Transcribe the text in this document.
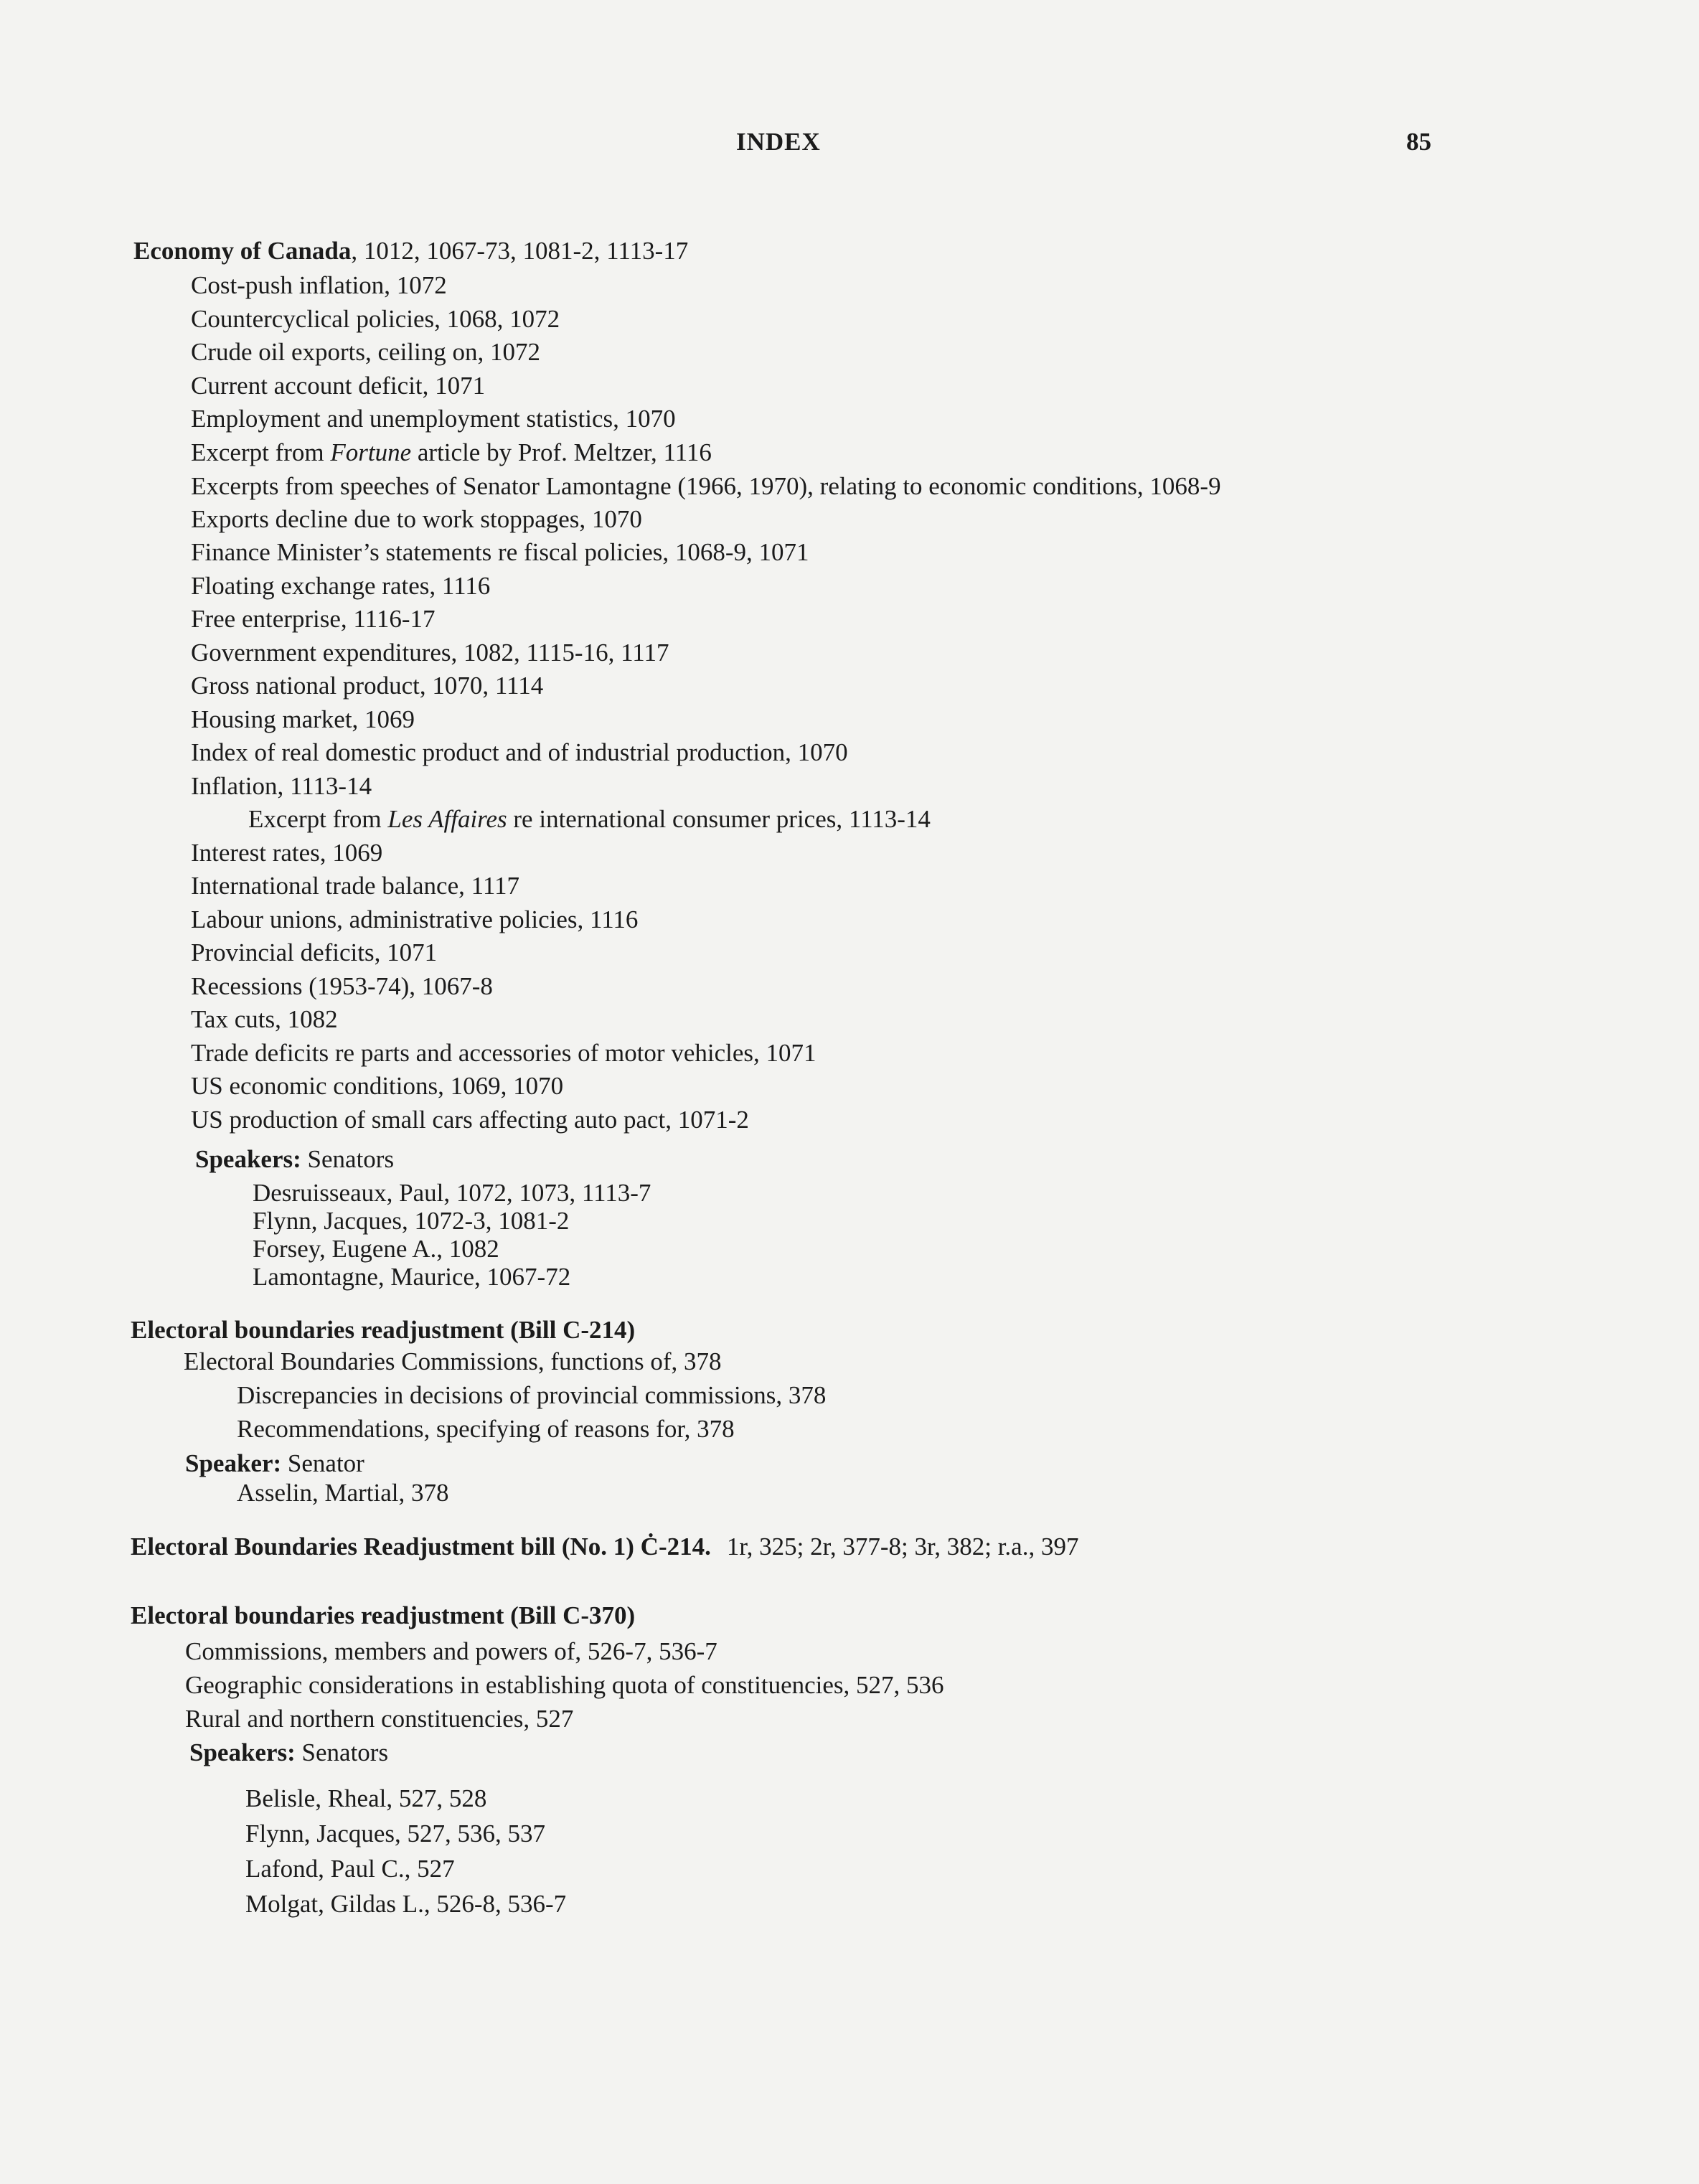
INDEX	85
Economy of Canada, 1012, 1067-73, 1081-2, 1113-17
Cost-push inflation, 1072
Countercyclical policies, 1068, 1072
Crude oil exports, ceiling on, 1072
Current account deficit, 1071
Employment and unemployment statistics, 1070
Excerpt from Fortune article by Prof. Meltzer, 1116
Excerpts from speeches of Senator Lamontagne (1966, 1970), relating to economic conditions, 1068-9
Exports decline due to work stoppages, 1070
Finance Minister’s statements re fiscal policies, 1068-9, 1071
Floating exchange rates, 1116
Free enterprise, 1116-17
Government expenditures, 1082, 1115-16, 1117
Gross national product, 1070, 1114
Housing market, 1069
Index of real domestic product and of industrial production, 1070
Inflation, 1113-14
Excerpt from Les Affaires re international consumer prices, 1113-14
Interest rates, 1069
International trade balance, 1117
Labour unions, administrative policies, 1116
Provincial deficits, 1071
Recessions (1953-74), 1067-8
Tax cuts, 1082
Trade deficits re parts and accessories of motor vehicles, 1071
US economic conditions, 1069, 1070
US production of small cars affecting auto pact, 1071-2
Speakers: Senators
Desruisseaux, Paul, 1072, 1073, 1113-7
Flynn, Jacques, 1072-3, 1081-2
Forsey, Eugene A., 1082
Lamontagne, Maurice, 1067-72
Electoral boundaries readjustment (Bill C-214)
Electoral Boundaries Commissions, functions of, 378
Discrepancies in decisions of provincial commissions, 378
Recommendations, specifying of reasons for, 378
Speaker: Senator
Asselin, Martial, 378
Electoral Boundaries Readjustment bill (No. 1) Ċ-214. 1r, 325; 2r, 377-8; 3r, 382; r.a., 397
Electoral boundaries readjustment (Bill C-370)
Commissions, members and powers of, 526-7, 536-7
Geographic considerations in establishing quota of constituencies, 527, 536
Rural and northern constituencies, 527
Speakers: Senators
Belisle, Rheal, 527, 528
Flynn, Jacques, 527, 536, 537
Lafond, Paul C., 527
Molgat, Gildas L., 526-8, 536-7
